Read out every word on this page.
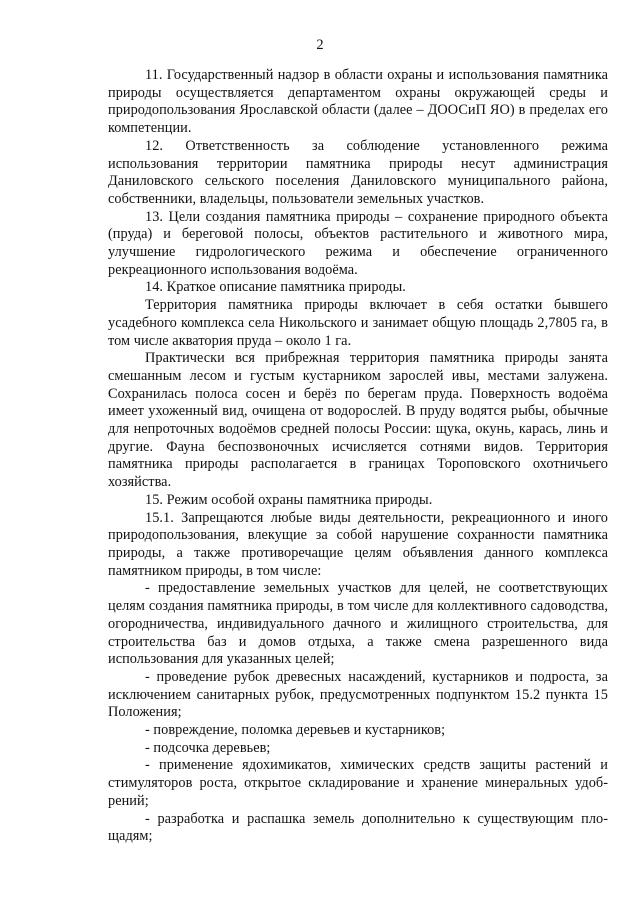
2

11. Государственный надзор в области охраны и использования памятника природы осуществляется департаментом охраны окружающей среды и природопользования Ярославской области (далее – ДООСиП ЯО) в пределах его компетенции.

12. Ответственность за соблюдение установленного режима использования территории памятника природы несут администрация Даниловского сельского поселения Даниловского муниципального района, собственники, владельцы, пользователи земельных участков.

13. Цели создания памятника природы – сохранение природного объекта (пруда) и береговой полосы, объектов растительного и животного мира, улучшение гидрологического режима и обеспечение ограниченного рекреационного использования водоёма.

14. Краткое описание памятника природы.

Территория памятника природы включает в себя остатки бывшего усадебного комплекса села Никольского и занимает общую площадь 2,7805 га, в том числе акватория пруда – около 1 га.

Практически вся прибрежная территория памятника природы занята смешанным лесом и густым кустарником зарослей ивы, местами залужена. Сохранилась полоса сосен и берёз по берегам пруда. Поверхность водоёма имеет ухоженный вид, очищена от водорослей. В пруду водятся рыбы, обычные для непроточных водоёмов средней полосы России: щука, окунь, карась, линь и другие. Фауна беспозвоночных исчисляется сотнями видов. Территория памятника природы располагается в границах Тороповского охотничьего хозяйства.

15. Режим особой охраны памятника природы.

15.1. Запрещаются любые виды деятельности, рекреационного и иного природопользования, влекущие за собой нарушение сохранности памятника природы, а также противоречащие целям объявления данного комплекса памятником природы, в том числе:

- предоставление земельных участков для целей, не соответствующих целям создания памятника природы, в том числе для коллективного садоводства, огородничества, индивидуального дачного и жилищного строительства, для строительства баз и домов отдыха, а также смена разрешенного вида использования для указанных целей;

- проведение рубок древесных насаждений, кустарников и подроста, за исключением санитарных рубок, предусмотренных подпунктом 15.2 пункта 15 Положения;

- повреждение, поломка деревьев и кустарников;

- подсочка деревьев;

- применение ядохимикатов, химических средств защиты растений и стимуляторов роста, открытое складирование и хранение минеральных удобрений;

- разработка и распашка земель дополнительно к существующим площадям;
